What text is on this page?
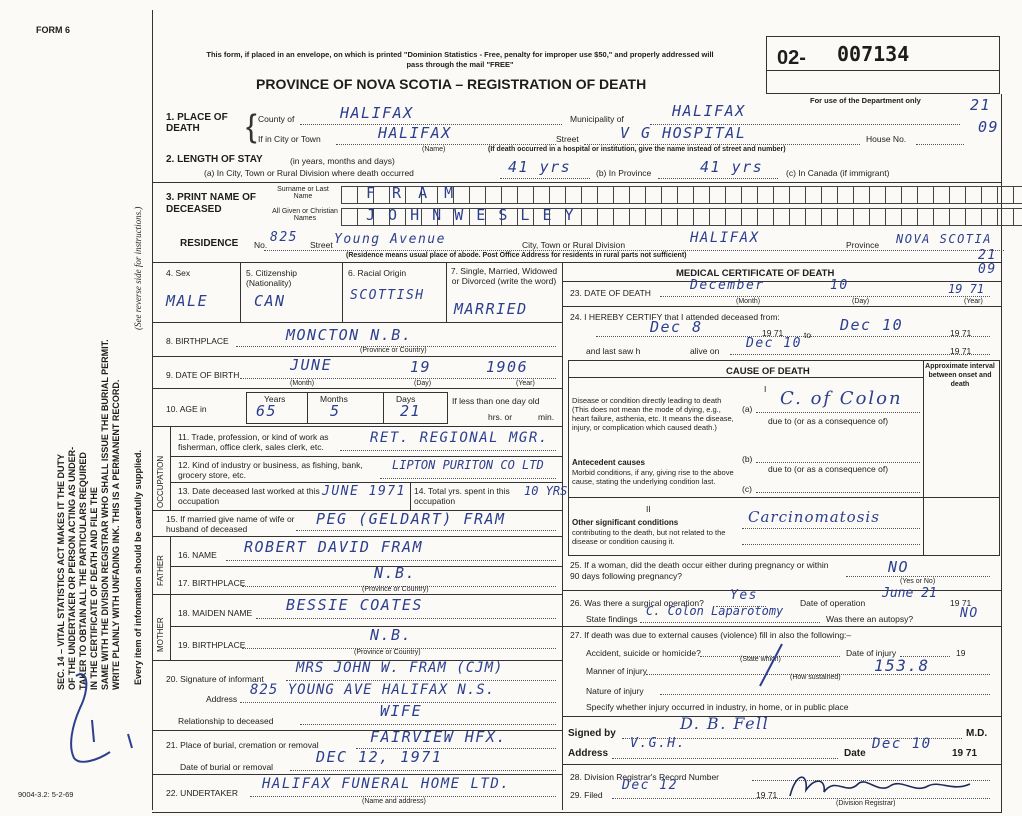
FORM 6
This form, if placed in an envelope, on which is printed "Dominion Statistics - Free, penalty for improper use $50," and properly addressed will pass through the mail "FREE"
PROVINCE OF NOVA SCOTIA – REGISTRATION OF DEATH
02- 007134
For use of the Department only	21
09
21
09
SEC. 14 – VITAL STATISTICS ACT MAKES IT THE DUTY OF THE UNDERTAKER OR PERSON ACTING AS UNDER- TAKER TO OBTAIN ALL THE PARTICULARS REQUIRED IN THE CERTIFICATE OF DEATH AND FILE THE SAME WITH THE DIVISION REGISTRAR WHO SHALL ISSUE THE BURIAL PERMIT. WRITE PLAINLY WITH UNFADING INK. THIS IS A PERMANENT RECORD.
(See reverse side for instructions.)
Every item of information should be carefully supplied.
9004-3.2: 5-2-69
1. PLACE OF DEATH	{ County of	HALIFAX	Municipality of	HALIFAX
If in City or Town	HALIFAX
(Name)
Street	V G HOSPITAL	House No.
(If death occurred in a hospital or institution, give the name instead of street and number)
2. LENGTH OF STAY	(in years, months and days)
(a) In City, Town or Rural Division where death occurred	41 yrs	(b) In Province	41 yrs	(c) In Canada (if immigrant)
3. PRINT NAME OF DECEASED
Surname or Last Name
All Given or Christian Names
F R A M
J O H N W E S L E Y
RESIDENCE No. 825 Street Young Avenue	City, Town or Rural Division	HALIFAX	Province NOVA SCOTIA
(Residence means usual place of abode. Post Office Address for residents in rural parts not sufficient)
4. Sex
MALE
5. Citizenship (Nationality)
CAN
6. Racial Origin
SCOTTISH
7. Single, Married, Widowed or Divorced (write the word)
MARRIED
8. BIRTHPLACE	MONCTON N.B.
(Province or Country)
9. DATE OF BIRTH
JUNE	19	1906
(Month)	(Day)	(Year)
10. AGE in
Years
65
Months
5
Days
21
If less than one day old
hrs. or	min.
OCCUPATION
11. Trade, profession, or kind of work as fisherman, office clerk, sales clerk, etc.
RET. REGIONAL MGR.
12. Kind of industry or business, as fishing, bank, grocery store, etc.
LIPTON PURITON CO LTD
13. Date deceased last worked at this occupation
JUNE 1971 14. Total yrs. spent in this occupation
10 YRS
15. If married give name of wife or husband of deceased
PEG (GELDART) FRAM
FATHER
16. NAME ROBERT DAVID FRAM
17. BIRTHPLACE
N.B.
(Province or Country)
MOTHER
18. MAIDEN NAME BESSIE COATES
19. BIRTHPLACE
N.B.
(Province or Country)
20. Signature of informant
MRS JOHN W. FRAM (CJM)
Address
825 YOUNG AVE HALIFAX N.S.
Relationship to deceased
WIFE
21. Place of burial, cremation or removal	FAIRVIEW HFX.
Date of burial or removal
DEC 12, 1971
22. UNDERTAKER
HALIFAX FUNERAL HOME LTD.
(Name and address)
MEDICAL CERTIFICATE OF DEATH
23. DATE OF DEATH	December	10	19 71
(Month)	(Day)	(Year)
24. I HEREBY CERTIFY that I attended deceased from:
Dec 8	19 71 to
Dec 10	19 71
and last saw h	alive on Dec 10	19 71
CAUSE OF DEATH	Approximate interval between onset and death
I
Disease or condition directly leading to death (This does not mean the mode of dying, e.g., heart failure, asthenia, etc. It means the disease, injury, or complication which caused death.)
(a) C. of Colon
due to (or as a consequence of)
Antecedent causes
Morbid conditions, if any, giving rise to the above cause, stating the underlying condition last.
(b)
due to (or as a consequence of)
(c)
II
Other significant conditions
contributing to the death, but not related to the disease or condition causing it.
Carcinomatosis
25. If a woman, did the death occur either during pregnancy or within 90 days following pregnancy?	NO
(Yes or No)
26. Was there a surgical operation? Yes	Date of operation
June 21
19 71
State findings
C. Colon Laparotomy
Was there an autopsy?	NO
27. If death was due to external causes (violence) fill in also the following:–
Accident, suicide or homicide?
(State which)
Date of injury	19
Manner of injury	153.8
(How sustained)
Nature of injury
Specify whether injury occurred in industry, in home, or in public place
Signed by
D. B. Fell
M.D.
Address
V.G.H.
Date
Dec 10
19 71
28. Division Registrar's Record Number
29. Filed
Dec 12
19 71
(Division Registrar)
